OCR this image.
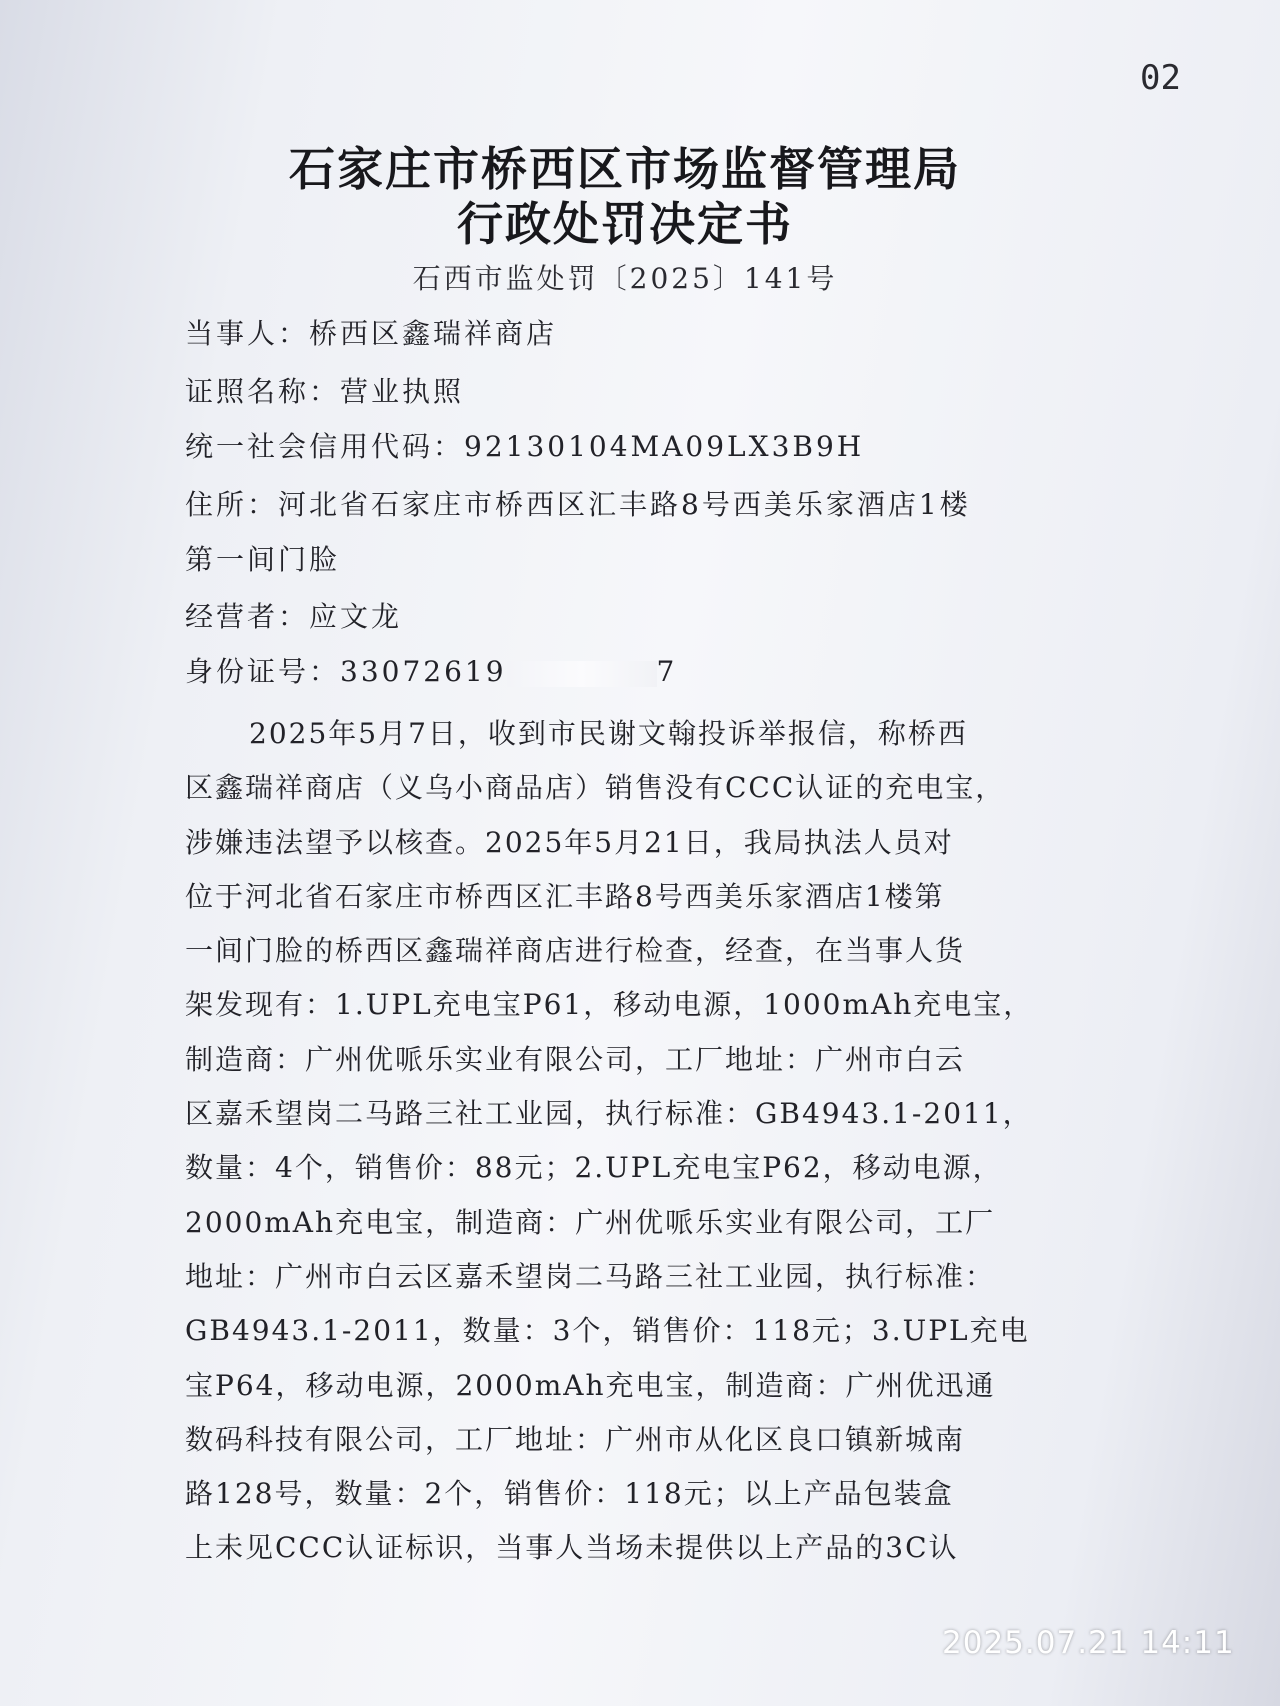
02
石家庄市桥西区市场监督管理局
行政处罚决定书
石西市监处罚〔2025〕141号
当事人：桥西区鑫瑞祥商店
证照名称：营业执照
统一社会信用代码：92130104MA09LX3B9H
住所：河北省石家庄市桥西区汇丰路8号西美乐家酒店1楼
第一间门脸
经营者：应文龙
身份证号：33072619	7
2025年5月7日，收到市民谢文翰投诉举报信，称桥西
区鑫瑞祥商店（义乌小商品店）销售没有CCC认证的充电宝，
涉嫌违法望予以核查。2025年5月21日，我局执法人员对
位于河北省石家庄市桥西区汇丰路8号西美乐家酒店1楼第
一间门脸的桥西区鑫瑞祥商店进行检查，经查，在当事人货
架发现有：1.UPL充电宝P61，移动电源，1000mAh充电宝，
制造商：广州优哌乐实业有限公司，工厂地址：广州市白云
区嘉禾望岗二马路三社工业园，执行标准：GB4943.1-2011，
数量：4个，销售价：88元；2.UPL充电宝P62，移动电源，
2000mAh充电宝，制造商：广州优哌乐实业有限公司，工厂
地址：广州市白云区嘉禾望岗二马路三社工业园，执行标准：
GB4943.1-2011，数量：3个，销售价：118元；3.UPL充电
宝P64，移动电源，2000mAh充电宝，制造商：广州优迅通
数码科技有限公司，工厂地址：广州市从化区良口镇新城南
路128号，数量：2个，销售价：118元；以上产品包装盒
上未见CCC认证标识，当事人当场未提供以上产品的3C认
2025.07.21 14:11
